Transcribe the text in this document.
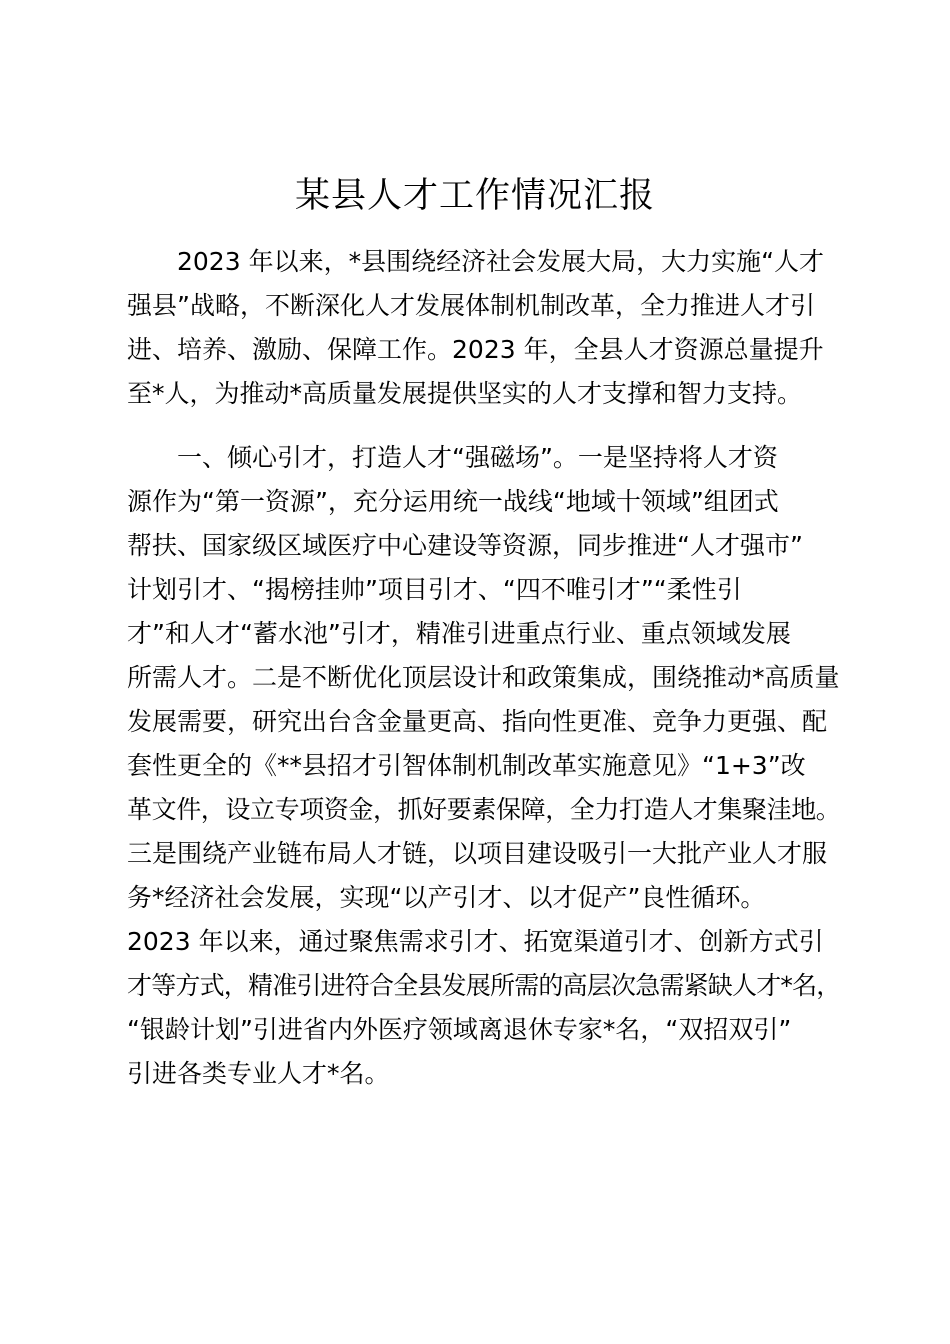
某县人才工作情况汇报
2023 年以来，*县围绕经济社会发展大局，大力实施“人才
强县”战略，不断深化人才发展体制机制改革，全力推进人才引
进、培养、激励、保障工作。2023 年，全县人才资源总量提升
至*人，为推动*高质量发展提供坚实的人才支撑和智力支持。
一、倾心引才，打造人才“强磁场”。一是坚持将人才资
源作为“第一资源”，充分运用统一战线“地域十领域”组团式
帮扶、国家级区域医疗中心建设等资源，同步推进“人才强市”
计划引才、“揭榜挂帅”项目引才、“四不唯引才”“柔性引
才”和人才“蓄水池”引才，精准引进重点行业、重点领域发展
所需人才。二是不断优化顶层设计和政策集成，围绕推动*高质量
发展需要，研究出台含金量更高、指向性更准、竞争力更强、配
套性更全的《**县招才引智体制机制改革实施意见》“1+3”改
革文件，设立专项资金，抓好要素保障，全力打造人才集聚洼地。
三是围绕产业链布局人才链，以项目建设吸引一大批产业人才服
务*经济社会发展，实现“以产引才、以才促产”良性循环。
2023 年以来，通过聚焦需求引才、拓宽渠道引才、创新方式引
才等方式，精准引进符合全县发展所需的高层次急需紧缺人才*名，
“银龄计划”引进省内外医疗领域离退休专家*名，“双招双引”
引进各类专业人才*名。
